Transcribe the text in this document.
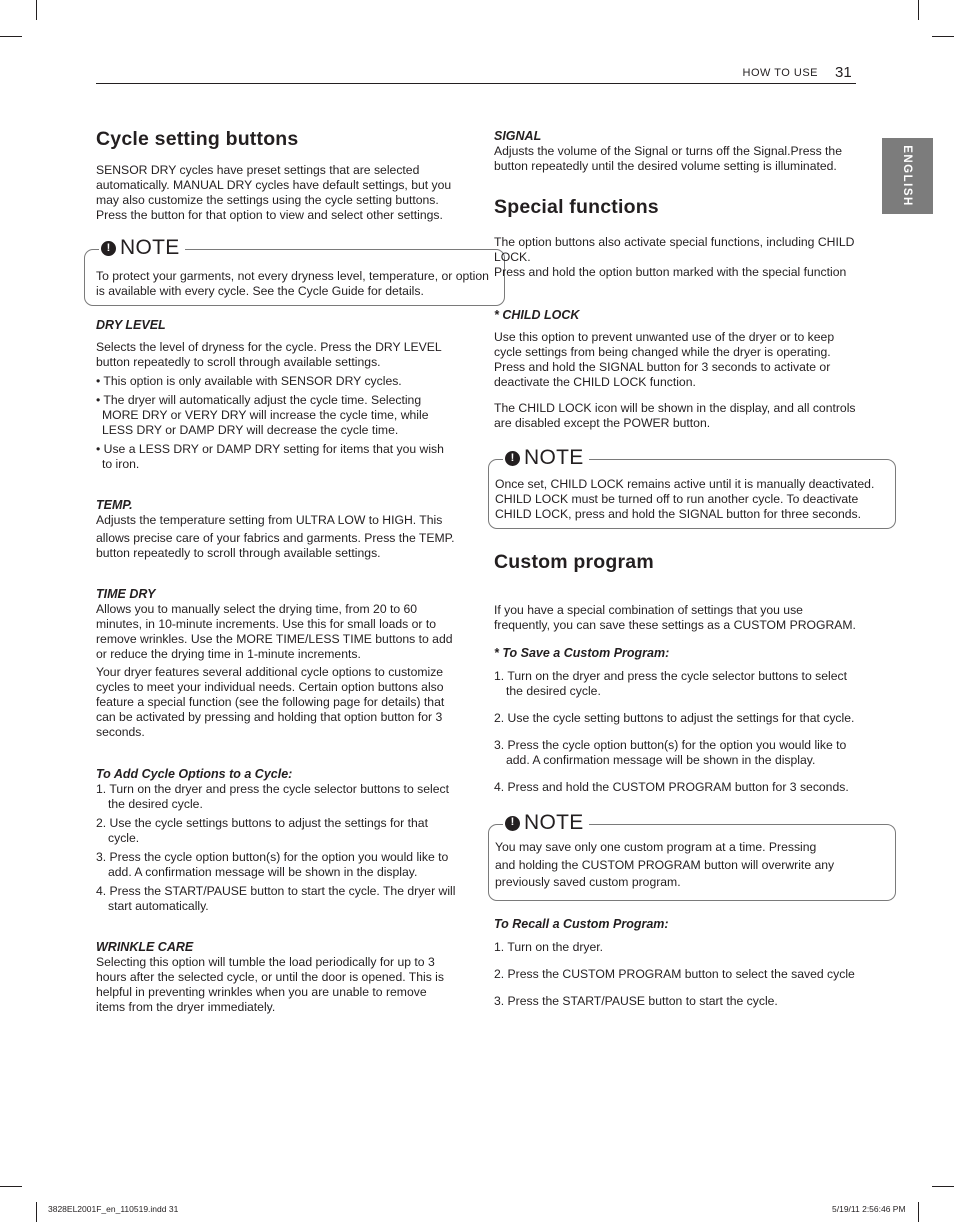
HOW TO USE 31
ENGLISH
Cycle setting buttons

SENSOR DRY cycles have preset settings that are selected automatically. MANUAL DRY cycles have default settings, but you may also customize the settings using the cycle setting buttons. Press the button for that option to view and select other settings.

! NOTE

To protect your garments, not every dryness level, temperature, or option is available with every cycle. See the Cycle Guide for details.

DRY LEVEL

Selects the level of dryness for the cycle. Press the DRY LEVEL button repeatedly to scroll through available settings.

• This option is only available with SENSOR DRY cycles.

• The dryer will automatically adjust the cycle time. Selecting MORE DRY or VERY DRY will increase the cycle time, while LESS DRY or DAMP DRY will decrease the cycle time.

• Use a LESS DRY or DAMP DRY setting for items that you wish to iron.

TEMP.

Adjusts the temperature setting from ULTRA LOW to HIGH. This

allows precise care of your fabrics and garments. Press the TEMP. button repeatedly to scroll through available settings.

TIME DRY

Allows you to manually select the drying time, from 20 to 60 minutes, in 10-minute increments. Use this for small loads or to remove wrinkles. Use the MORE TIME/LESS TIME buttons to add or reduce the drying time in 1-minute increments.

Your dryer features several additional cycle options to customize cycles to meet your individual needs. Certain option buttons also feature a special function (see the following page for details) that can be activated by pressing and holding that option button for 3 seconds.

To Add Cycle Options to a Cycle:

1. Turn on the dryer and press the cycle selector buttons to select the desired cycle.

2. Use the cycle settings buttons to adjust the settings for that cycle.

3. Press the cycle option button(s) for the option you would like to add. A confirmation message will be shown in the display.

4. Press the START/PAUSE button to start the cycle. The dryer will start automatically.

WRINKLE CARE

Selecting this option will tumble the load periodically for up to 3 hours after the selected cycle, or until the door is opened. This is helpful in preventing wrinkles when you are unable to remove items from the dryer immediately.

SIGNAL

Adjusts the volume of the Signal or turns off the Signal.Press the button repeatedly until the desired volume setting is illuminated.

Special functions

The option buttons also activate special functions, including CHILD LOCK.

Press and hold the option button marked with the special function

* CHILD LOCK

Use this option to prevent unwanted use of the dryer or to keep cycle settings from being changed while the dryer is operating. Press and hold the SIGNAL button for 3 seconds to activate or deactivate the CHILD LOCK function.

The CHILD LOCK icon will be shown in the display, and all controls are disabled except the POWER button.

! NOTE

Once set, CHILD LOCK remains active until it is manually deactivated. CHILD LOCK must be turned off to run another cycle. To deactivate CHILD LOCK, press and hold the SIGNAL button for three seconds.

Custom program

If you have a special combination of settings that you use frequently, you can save these settings as a CUSTOM PROGRAM.

* To Save a Custom Program:

1. Turn on the dryer and press the cycle selector buttons to select the desired cycle.

2. Use the cycle setting buttons to adjust the settings for that cycle.

3. Press the cycle option button(s) for the option you would like to add. A confirmation message will be shown in the display.

4. Press and hold the CUSTOM PROGRAM button for 3 seconds.

! NOTE

You may save only one custom program at a time. Pressing

and holding the CUSTOM PROGRAM button will overwrite any

previously saved custom program.

To Recall a Custom Program:

1. Turn on the dryer.

2. Press the CUSTOM PROGRAM button to select the saved cycle

3. Press the START/PAUSE button to start the cycle.

3828EL2001F_en_110519.indd 31	5/19/11 2:56:46 PM
